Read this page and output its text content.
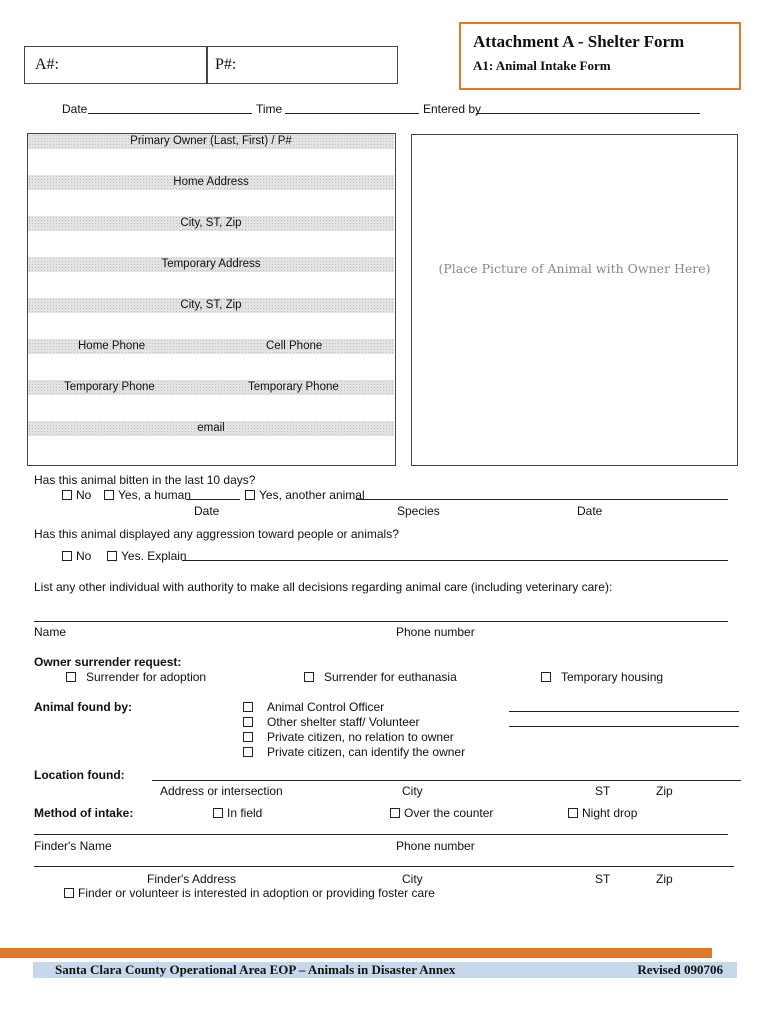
Attachment A - Shelter Form
A1: Animal Intake Form
A#:	P#:
Date	Time	Entered by
Primary Owner (Last, First) / P#
Home Address
City, ST, Zip
Temporary Address
City, ST, Zip
Home Phone	Cell Phone
Temporary Phone	Temporary Phone
email
(Place Picture of Animal with Owner Here)
Has this animal bitten in the last 10 days?
No	Yes, a human	Yes, another animal
Date	Species	Date
Has this animal displayed any aggression toward people or animals?
No	Yes. Explain
List any other individual with authority to make all decisions regarding animal care (including veterinary care):
Name	Phone number
Owner surrender request:
Surrender for adoption	Surrender for euthanasia	Temporary housing
Animal found by:	Animal Control Officer
Other shelter staff/ Volunteer
Private citizen, no relation to owner
Private citizen, can identify the owner
Location found:
Address or intersection	City	ST	Zip
Method of intake:	In field	Over the counter	Night drop
Finder's Name	Phone number
Finder's Address	City	ST	Zip
Finder or volunteer is interested in adoption or providing foster care
Santa Clara County Operational Area EOP – Animals in Disaster Annex	Revised 090706
